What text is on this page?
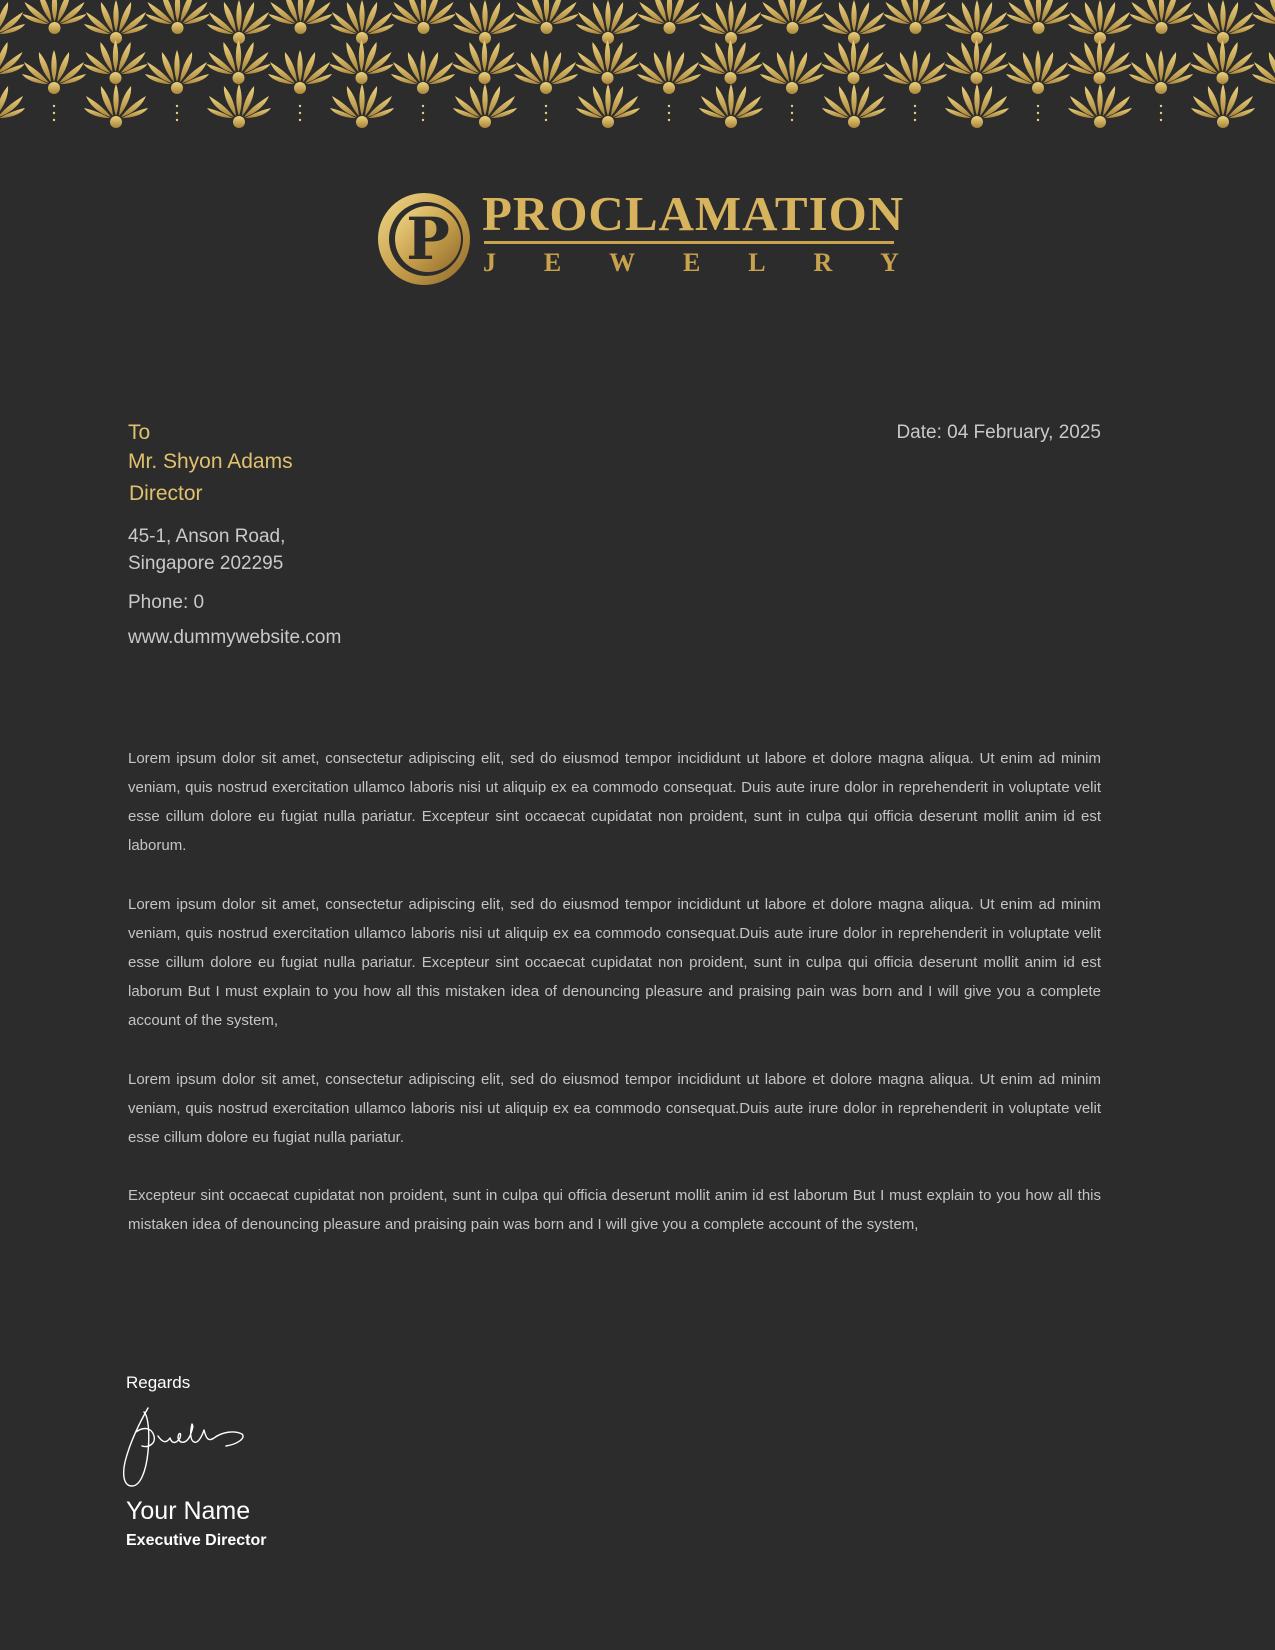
P PROCLAMATION
J E W E L R Y
To
Mr. Shyon Adams
Director
Date: 04 February, 2025
45-1, Anson Road,
Singapore 202295
Phone: 0
www.dummywebsite.com

Lorem ipsum dolor sit amet, consectetur adipiscing elit, sed do eiusmod tempor incididunt ut labore et dolore magna aliqua. Ut enim ad minim veniam, quis nostrud exercitation ullamco laboris nisi ut aliquip ex ea commodo consequat. Duis aute irure dolor in reprehenderit in voluptate velit esse cillum dolore eu fugiat nulla pariatur. Excepteur sint occaecat cupidatat non proident, sunt in culpa qui officia deserunt mollit anim id est laborum.

Lorem ipsum dolor sit amet, consectetur adipiscing elit, sed do eiusmod tempor incididunt ut labore et dolore magna aliqua. Ut enim ad minim veniam, quis nostrud exercitation ullamco laboris nisi ut aliquip ex ea commodo consequat.Duis aute irure dolor in reprehenderit in voluptate velit esse cillum dolore eu fugiat nulla pariatur. Excepteur sint occaecat cupidatat non proident, sunt in culpa qui officia deserunt mollit anim id est laborum But I must explain to you how all this mistaken idea of denouncing pleasure and praising pain was born and I will give you a complete account of the system,

Lorem ipsum dolor sit amet, consectetur adipiscing elit, sed do eiusmod tempor incididunt ut labore et dolore magna aliqua. Ut enim ad minim veniam, quis nostrud exercitation ullamco laboris nisi ut aliquip ex ea commodo consequat.Duis aute irure dolor in reprehenderit in voluptate velit esse cillum dolore eu fugiat nulla pariatur.

Excepteur sint occaecat cupidatat non proident, sunt in culpa qui officia deserunt mollit anim id est laborum But I must explain to you how all this mistaken idea of denouncing pleasure and praising pain was born and I will give you a complete account of the system,

Regards
Your Name
Executive Director
